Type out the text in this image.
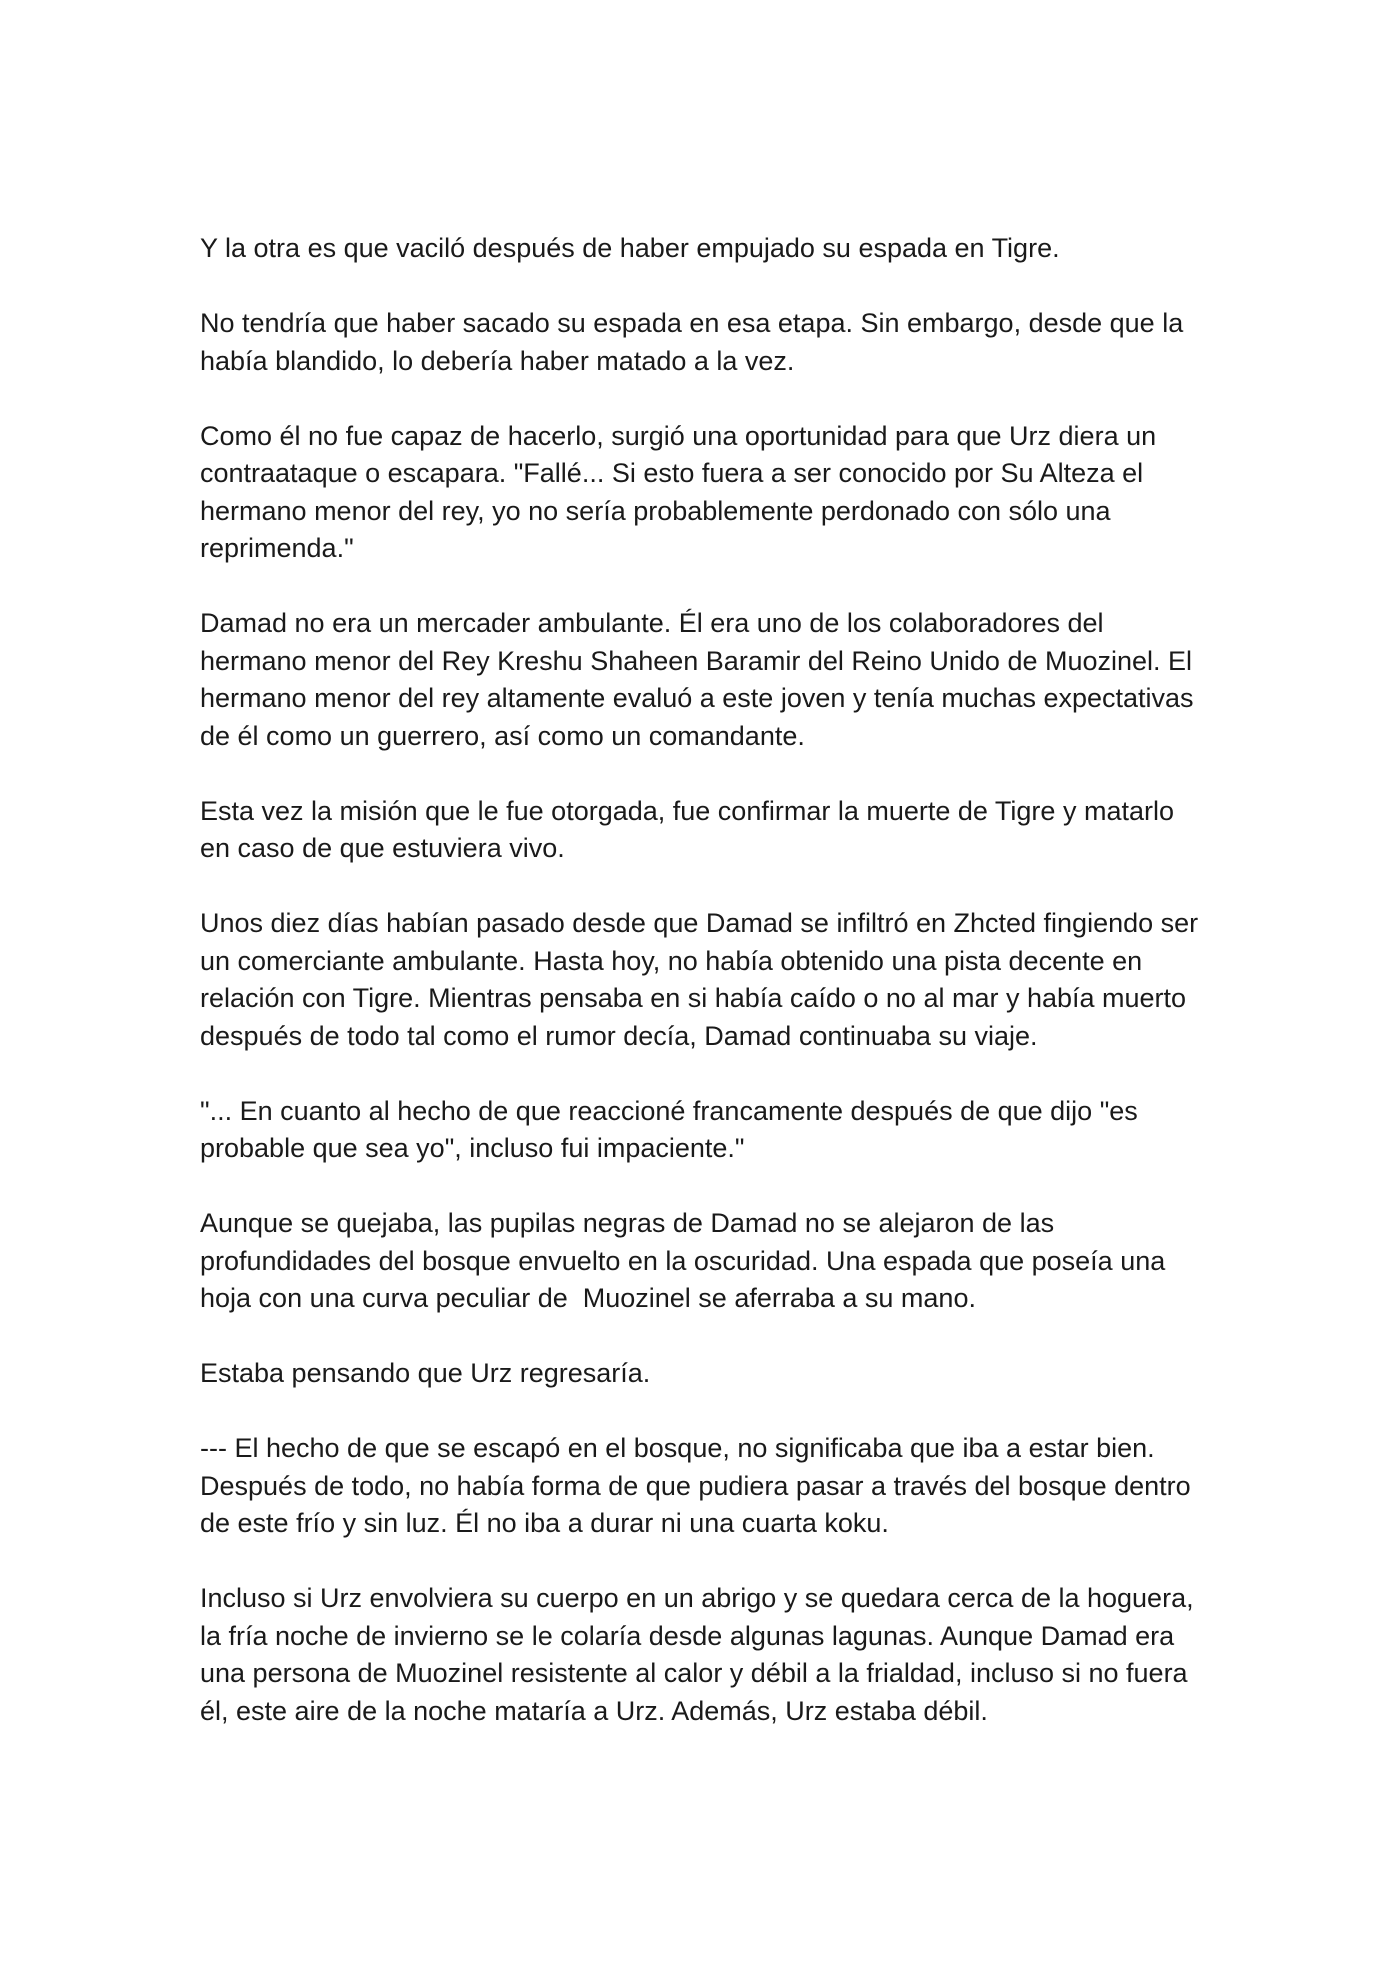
Y la otra es que vaciló después de haber empujado su espada en Tigre.

No tendría que haber sacado su espada en esa etapa. Sin embargo, desde que la había blandido, lo debería haber matado a la vez.

Como él no fue capaz de hacerlo, surgió una oportunidad para que Urz diera un contraataque o escapara. "Fallé... Si esto fuera a ser conocido por Su Alteza el hermano menor del rey, yo no sería probablemente perdonado con sólo una reprimenda."

Damad no era un mercader ambulante. Él era uno de los colaboradores del hermano menor del Rey Kreshu Shaheen Baramir del Reino Unido de Muozinel. El hermano menor del rey altamente evaluó a este joven y tenía muchas expectativas de él como un guerrero, así como un comandante.

Esta vez la misión que le fue otorgada, fue confirmar la muerte de Tigre y matarlo en caso de que estuviera vivo.

Unos diez días habían pasado desde que Damad se infiltró en Zhcted fingiendo ser un comerciante ambulante. Hasta hoy, no había obtenido una pista decente en relación con Tigre. Mientras pensaba en si había caído o no al mar y había muerto después de todo tal como el rumor decía, Damad continuaba su viaje.

"... En cuanto al hecho de que reaccioné francamente después de que dijo "es probable que sea yo", incluso fui impaciente."

Aunque se quejaba, las pupilas negras de Damad no se alejaron de las profundidades del bosque envuelto en la oscuridad. Una espada que poseía una hoja con una curva peculiar de  Muozinel se aferraba a su mano.

Estaba pensando que Urz regresaría.

--- El hecho de que se escapó en el bosque, no significaba que iba a estar bien. Después de todo, no había forma de que pudiera pasar a través del bosque dentro de este frío y sin luz. Él no iba a durar ni una cuarta koku.

Incluso si Urz envolviera su cuerpo en un abrigo y se quedara cerca de la hoguera, la fría noche de invierno se le colaría desde algunas lagunas. Aunque Damad era una persona de Muozinel resistente al calor y débil a la frialdad, incluso si no fuera él, este aire de la noche mataría a Urz. Además, Urz estaba débil.
